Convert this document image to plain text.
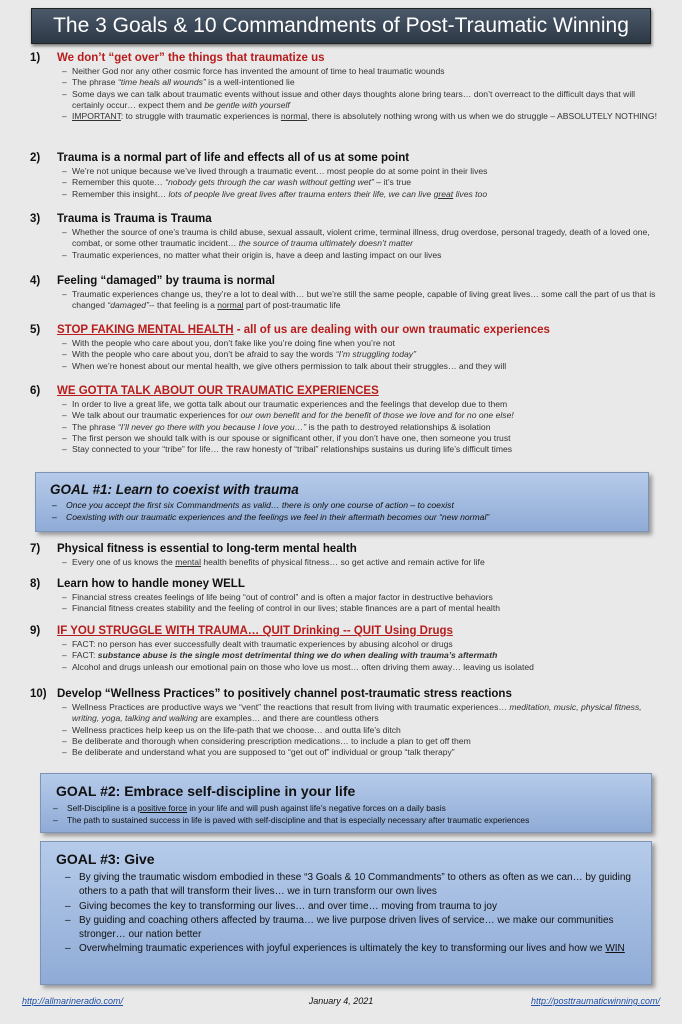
The 3 Goals & 10 Commandments of Post-Traumatic Winning
1) We don’t “get over” the things that traumatize us
– Neither God nor any other cosmic force has invented the amount of time to heal traumatic wounds
– The phrase “time heals all wounds” is a well-intentioned lie
– Some days we can talk about traumatic events without issue and other days thoughts alone bring tears… don’t overreact to the difficult days that will certainly occur… expect them and be gentle with yourself
– IMPORTANT: to struggle with traumatic experiences is normal, there is absolutely nothing wrong with us when we do struggle – ABSOLUTELY NOTHING!
2) Trauma is a normal part of life and effects all of us at some point
– We’re not unique because we’ve lived through a traumatic event… most people do at some point in their lives
– Remember this quote… “nobody gets through the car wash without getting wet” – it’s true
– Remember this insight… lots of people live great lives after trauma enters their life, we can live great lives too
3) Trauma is Trauma is Trauma
– Whether the source of one’s trauma is child abuse, sexual assault, violent crime, terminal illness, drug overdose, personal tragedy, death of a loved one, combat, or some other traumatic incident… the source of trauma ultimately doesn’t matter
– Traumatic experiences, no matter what their origin is, have a deep and lasting impact on our lives
4) Feeling “damaged” by trauma is normal
– Traumatic experiences change us, they’re a lot to deal with… but we’re still the same people, capable of living great lives… some call the part of us that is changed “damaged”-- that feeling is a normal part of post-traumatic life
5) STOP FAKING MENTAL HEALTH - all of us are dealing with our own traumatic experiences
– With the people who care about you, don’t fake like you’re doing fine when you’re not
– With the people who care about you, don’t be afraid to say the words “I’m struggling today”
– When we’re honest about our mental health, we give others permission to talk about their struggles… and they will
6) WE GOTTA TALK ABOUT OUR TRAUMATIC EXPERIENCES
– In order to live a great life, we gotta talk about our traumatic experiences and the feelings that develop due to them
– We talk about our traumatic experiences for our own benefit and for the benefit of those we love and for no one else!
– The phrase “I’ll never go there with you because I love you…” is the path to destroyed relationships & isolation
– The first person we should talk with is our spouse or significant other, if you don’t have one, then someone you trust
– Stay connected to your “tribe” for life… the raw honesty of “tribal” relationships sustains us during life’s difficult times
GOAL #1: Learn to coexist with trauma
– Once you accept the first six Commandments as valid… there is only one course of action – to coexist
– Coexisting with our traumatic experiences and the feelings we feel in their aftermath becomes our “new normal”
7) Physical fitness is essential to long-term mental health
– Every one of us knows the mental health benefits of physical fitness… so get active and remain active for life
8) Learn how to handle money WELL
– Financial stress creates feelings of life being “out of control” and is often a major factor in destructive behaviors
– Financial fitness creates stability and the feeling of control in our lives; stable finances are a part of mental health
9) IF YOU STRUGGLE WITH TRAUMA… QUIT Drinking -- QUIT Using Drugs
– FACT: no person has ever successfully dealt with traumatic experiences by abusing alcohol or drugs
– FACT: substance abuse is the single most detrimental thing we do when dealing with trauma’s aftermath
– Alcohol and drugs unleash our emotional pain on those who love us most… often driving them away… leaving us isolated
10) Develop “Wellness Practices” to positively channel post-traumatic stress reactions
– Wellness Practices are productive ways we “vent” the reactions that result from living with traumatic experiences… meditation, music, physical fitness, writing, yoga, talking and walking are examples… and there are countless others
– Wellness practices help keep us on the life-path that we choose… and outta life’s ditch
– Be deliberate and thorough when considering prescription medications… to include a plan to get off them
– Be deliberate and understand what you are supposed to “get out of” individual or group “talk therapy”
GOAL #2: Embrace self-discipline in your life
– Self-Discipline is a positive force in your life and will push against life’s negative forces on a daily basis
– The path to sustained success in life is paved with self-discipline and that is especially necessary after traumatic experiences
GOAL #3: Give
– By giving the traumatic wisdom embodied in these “3 Goals & 10 Commandments” to others as often as we can… by guiding others to a path that will transform their lives… we in turn transform our own lives
– Giving becomes the key to transforming our lives… and over time… moving from trauma to joy
– By guiding and coaching others affected by trauma… we live purpose driven lives of service… we make our communities stronger… our nation better
– Overwhelming traumatic experiences with joyful experiences is ultimately the key to transforming our lives and how we WIN
http://allmarineradio.com/	January 4, 2021	http://posttraumaticwinning.com/
